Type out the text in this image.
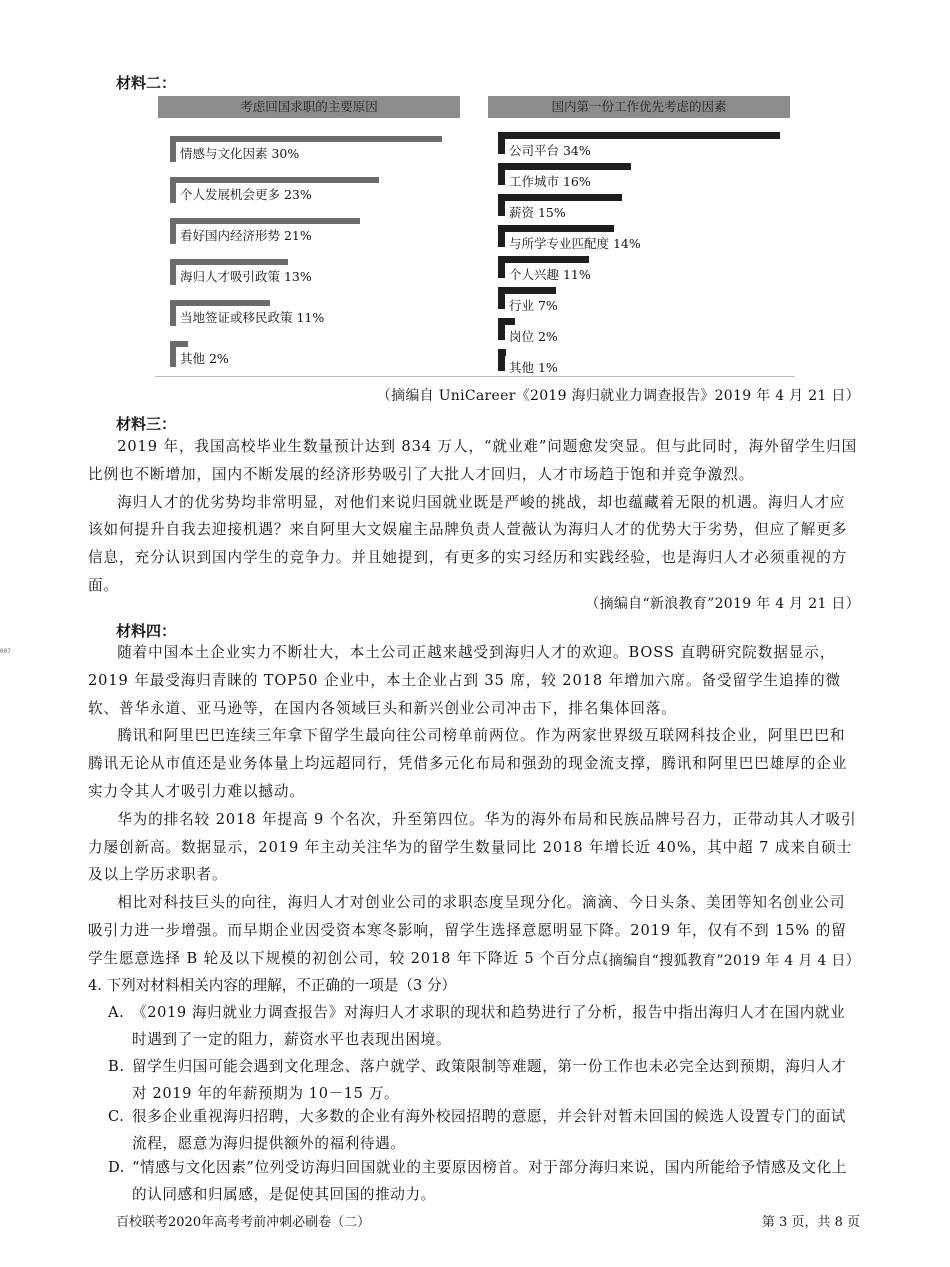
材料二：
考虑回国求职的主要原因
情感与文化因素 30%
个人发展机会更多 23%
看好国内经济形势 21%
海归人才吸引政策 13%
当地签证或移民政策 11%
其他 2%
国内第一份工作优先考虑的因素
公司平台 34%
工作城市 16%
薪资 15%
与所学专业匹配度 14%
个人兴趣 11%
行业 7%
岗位 2%
其他 1%
（摘编自 UniCareer《2019 海归就业力调查报告》2019 年 4 月 21 日）
材料三：

2019 年，我国高校毕业生数量预计达到 834 万人，“就业难”问题愈发突显。但与此同时，海外留学生归国比例也不断增加，国内不断发展的经济形势吸引了大批人才回归，人才市场趋于饱和并竞争激烈。

海归人才的优劣势均非常明显，对他们来说归国就业既是严峻的挑战，却也蕴藏着无限的机遇。海归人才应该如何提升自我去迎接机遇？来自阿里大文娱雇主品牌负责人萱薇认为海归人才的优势大于劣势，但应了解更多信息，充分认识到国内学生的竞争力。并且她提到，有更多的实习经历和实践经验，也是海归人才必须重视的方面。

（摘编自“新浪教育”2019 年 4 月 21 日）
007
材料四：

随着中国本土企业实力不断壮大，本土公司正越来越受到海归人才的欢迎。BOSS 直聘研究院数据显示，2019 年最受海归青睐的 TOP50 企业中，本土企业占到 35 席，较 2018 年增加六席。备受留学生追捧的微软、普华永道、亚马逊等，在国内各领域巨头和新兴创业公司冲击下，排名集体回落。

腾讯和阿里巴巴连续三年拿下留学生最向往公司榜单前两位。作为两家世界级互联网科技企业，阿里巴巴和腾讯无论从市值还是业务体量上均远超同行，凭借多元化布局和强劲的现金流支撑，腾讯和阿里巴巴雄厚的企业实力令其人才吸引力难以撼动。

华为的排名较 2018 年提高 9 个名次，升至第四位。华为的海外布局和民族品牌号召力，正带动其人才吸引力屡创新高。数据显示，2019 年主动关注华为的留学生数量同比 2018 年增长近 40%，其中超 7 成来自硕士及以上学历求职者。

相比对科技巨头的向往，海归人才对创业公司的求职态度呈现分化。滴滴、今日头条、美团等知名创业公司吸引力进一步增强。而早期企业因受资本寒冬影响，留学生选择意愿明显下降。2019 年，仅有不到 15% 的留学生愿意选择 B 轮及以下规模的初创公司，较 2018 年下降近 5 个百分点。

（摘编自“搜狐教育”2019 年 4 月 4 日）
4. 下列对材料相关内容的理解，不正确的一项是（3 分）
A. 《2019 海归就业力调查报告》对海归人才求职的现状和趋势进行了分析，报告中指出海归人才在国内就业时遇到了一定的阻力，薪资水平也表现出困境。
B. 留学生归国可能会遇到文化理念、落户就学、政策限制等难题，第一份工作也未必完全达到预期，海归人才对 2019 年的年薪预期为 10－15 万。
C. 很多企业重视海归招聘，大多数的企业有海外校园招聘的意愿，并会针对暂未回国的候选人设置专门的面试流程，愿意为海归提供额外的福利待遇。
D. “情感与文化因素”位列受访海归回国就业的主要原因榜首。对于部分海归来说，国内所能给予情感及文化上的认同感和归属感，是促使其回国的推动力。
百校联考2020年高考考前冲刺必刷卷（二）	第 3 页，共 8 页
